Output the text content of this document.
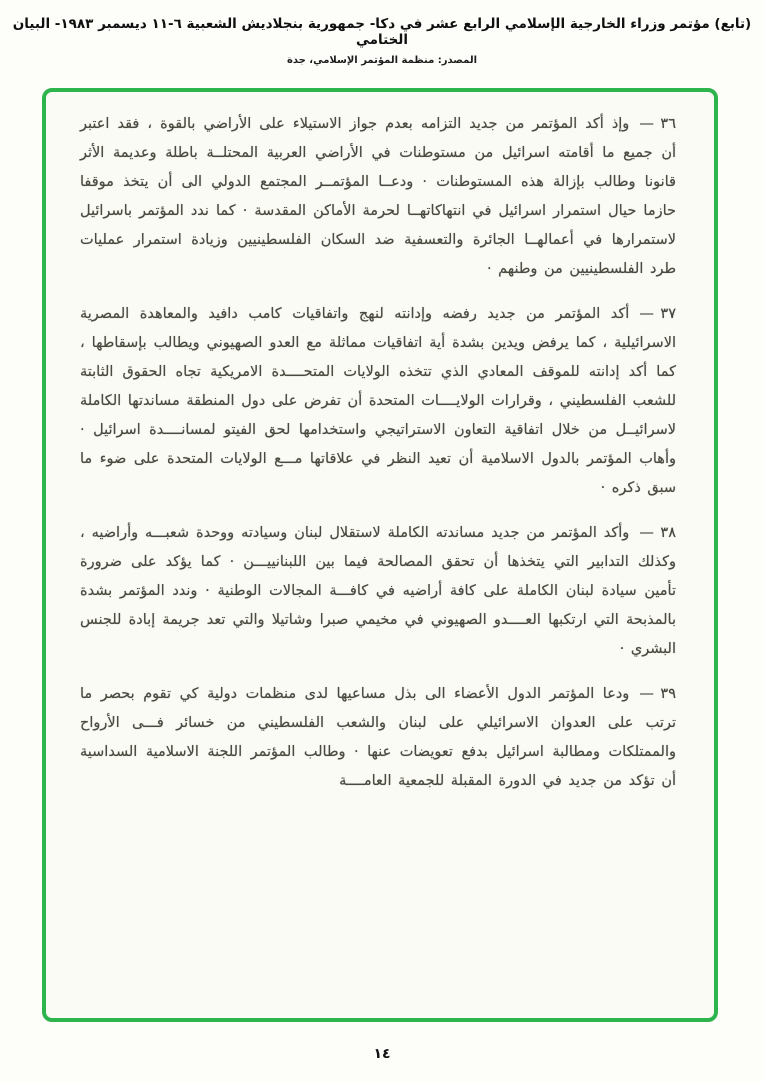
(تابع) مؤتمر وزراء الخارجية الإسلامي الرابع عشر في دكا- جمهورية بنجلاديش الشعبية ٦-١١ ديسمبر ١٩٨٣- البيان الختامي
المصدر: منظمة المؤتمر الإسلامي، جدة

٣٦ —وإذ أكد المؤتمر من جديد التزامه بعدم جواز الاستيلاء على الأراضي بالقوة ، فقد اعتبر أن جميع ما أقامته اسرائيل من مستوطنات في الأراضي العربية المحتلــة باطلة وعديمة الأثر قانونا وطالب بإزالة هذه المستوطنات · ودعــا المؤتمــر المجتمع الدولي الى أن يتخذ موقفا حازما حيال استمرار اسرائيل في انتهاكاتهــا لحرمة الأماكن المقدسة · كما ندد المؤتمر باسرائيل لاستمرارها في أعمالهــا الجائرة والتعسفية ضد السكان الفلسطينيين وزيادة استمرار عمليات طرد الفلسطينيين من وطنهم ·

٣٧ —أكد المؤتمر من جديد رفضه وإدانته لنهج واتفاقيات كامب دافيد والمعاهدة المصرية الاسرائيلية ، كما يرفض ويدين بشدة أية اتفاقيات مماثلة مع العدو الصهيوني ويطالب بإسقاطها ، كما أكد إدانته للموقف المعادي الذي تتخذه الولايات المتحــــدة الامريكية تجاه الحقوق الثابتة للشعب الفلسطيني ، وقرارات الولايــــات المتحدة أن تفرض على دول المنطقة مساندتها الكاملة لاسرائيــل من خلال اتفاقية التعاون الاستراتيجي واستخدامها لحق الفيتو لمسانــــدة اسرائيل · وأهاب المؤتمر بالدول الاسلامية أن تعيد النظر في علاقاتها مـــع الولايات المتحدة على ضوء ما سبق ذكره ·

٣٨ —وأكد المؤتمر من جديد مساندته الكاملة لاستقلال لبنان وسيادته ووحدة شعبـــه وأراضيه ، وكذلك التدابير التي يتخذها أن تحقق المصالحة فيما بين اللبنانييـــن · كما يؤكد على ضرورة تأمين سيادة لبنان الكاملة على كافة أراضيه في كافـــة المجالات الوطنية · وندد المؤتمر بشدة بالمذبحة التي ارتكبها العــــدو الصهيوني في مخيمي صبرا وشاتيلا والتي تعد جريمة إبادة للجنس البشري ·

٣٩ —ودعا المؤتمر الدول الأعضاء الى بذل مساعيها لدى منظمات دولية كي تقوم بحصر ما ترتب على العدوان الاسرائيلي على لبنان والشعب الفلسطيني من خسائر فـــى الأرواح والممتلكات ومطالبة اسرائيل بدفع تعويضات عنها · وطالب المؤتمر اللجنة الاسلامية السداسية أن تؤكد من جديد في الدورة المقبلة للجمعية العامــــة

١٤
